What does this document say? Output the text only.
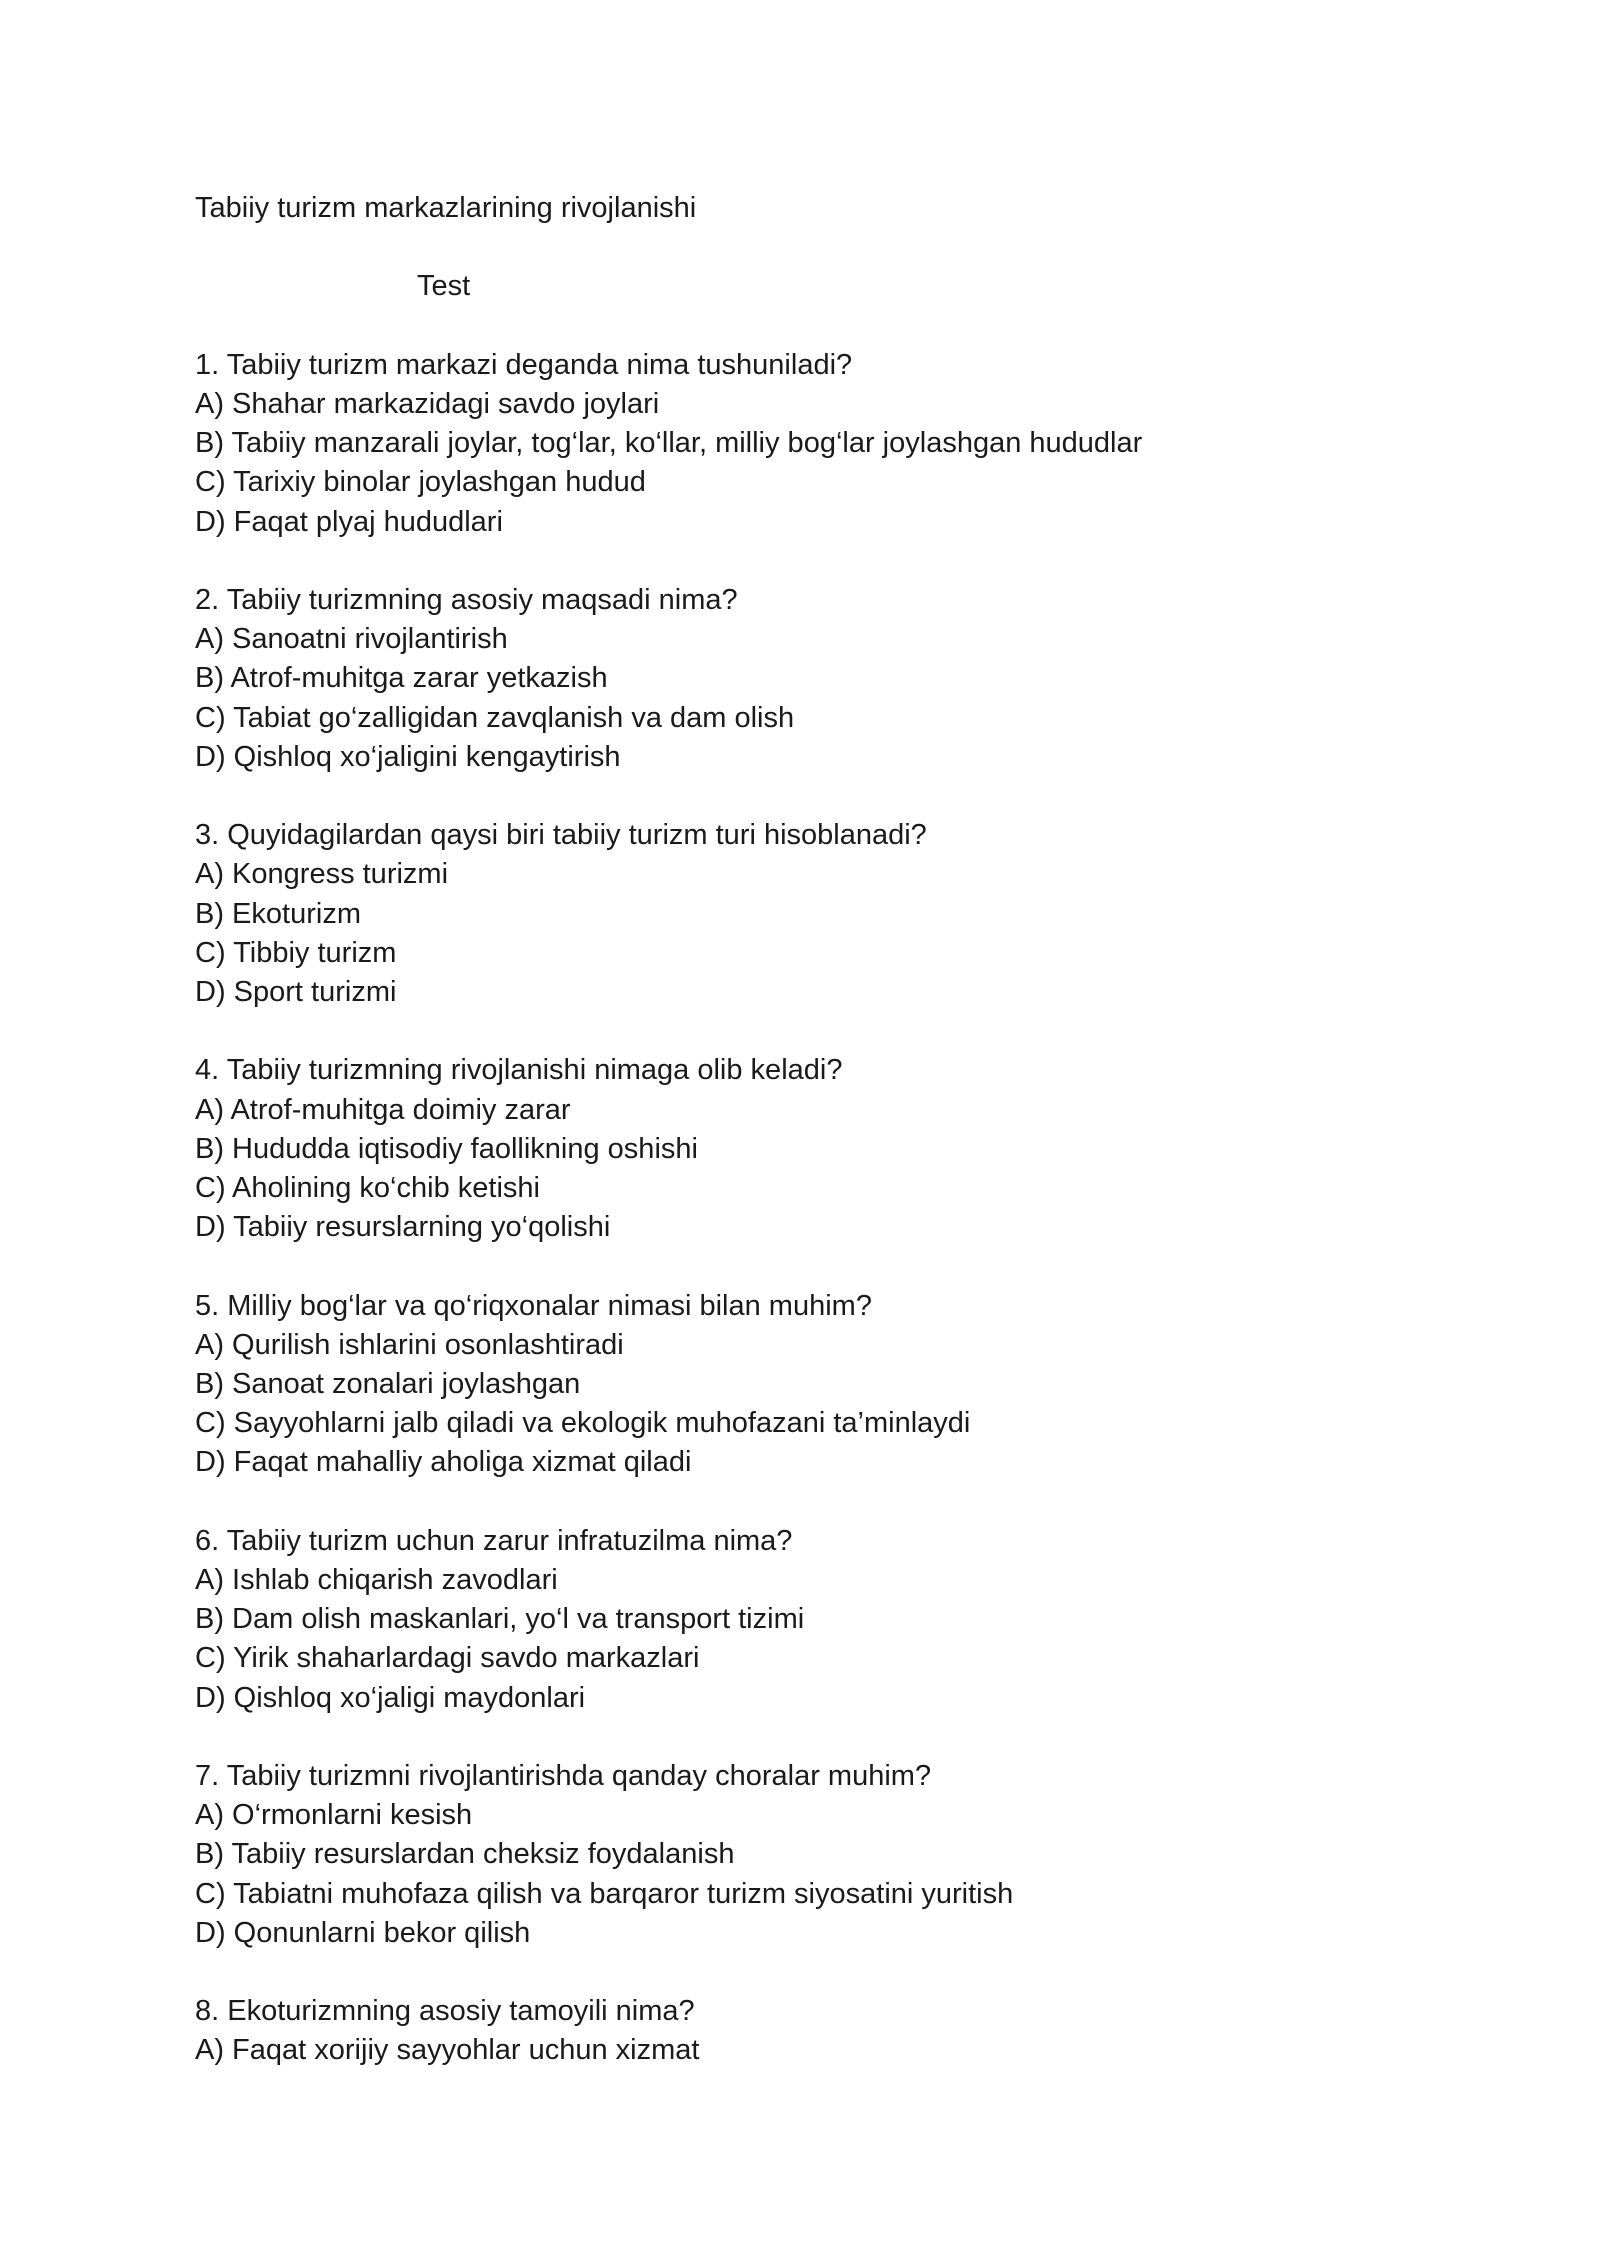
Tabiiy turizm markazlarining rivojlanishi
Test
1. Tabiiy turizm markazi deganda nima tushuniladi?
A) Shahar markazidagi savdo joylari
B) Tabiiy manzarali joylar, tog‘lar, ko‘llar, milliy bog‘lar joylashgan hududlar
C) Tarixiy binolar joylashgan hudud
D) Faqat plyaj hududlari
2. Tabiiy turizmning asosiy maqsadi nima?
A) Sanoatni rivojlantirish
B) Atrof-muhitga zarar yetkazish
C) Tabiat go‘zalligidan zavqlanish va dam olish
D) Qishloq xo‘jaligini kengaytirish
3. Quyidagilardan qaysi biri tabiiy turizm turi hisoblanadi?
A) Kongress turizmi
B) Ekoturizm
C) Tibbiy turizm
D) Sport turizmi
4. Tabiiy turizmning rivojlanishi nimaga olib keladi?
A) Atrof-muhitga doimiy zarar
B) Hududda iqtisodiy faollikning oshishi
C) Aholining ko‘chib ketishi
D) Tabiiy resurslarning yo‘qolishi
5. Milliy bog‘lar va qo‘riqxonalar nimasi bilan muhim?
A) Qurilish ishlarini osonlashtiradi
B) Sanoat zonalari joylashgan
C) Sayyohlarni jalb qiladi va ekologik muhofazani ta’minlaydi
D) Faqat mahalliy aholiga xizmat qiladi
6. Tabiiy turizm uchun zarur infratuzilma nima?
A) Ishlab chiqarish zavodlari
B) Dam olish maskanlari, yo‘l va transport tizimi
C) Yirik shaharlardagi savdo markazlari
D) Qishloq xo‘jaligi maydonlari
7. Tabiiy turizmni rivojlantirishda qanday choralar muhim?
A) O‘rmonlarni kesish
B) Tabiiy resurslardan cheksiz foydalanish
C) Tabiatni muhofaza qilish va barqaror turizm siyosatini yuritish
D) Qonunlarni bekor qilish
8. Ekoturizmning asosiy tamoyili nima?
A) Faqat xorijiy sayyohlar uchun xizmat
